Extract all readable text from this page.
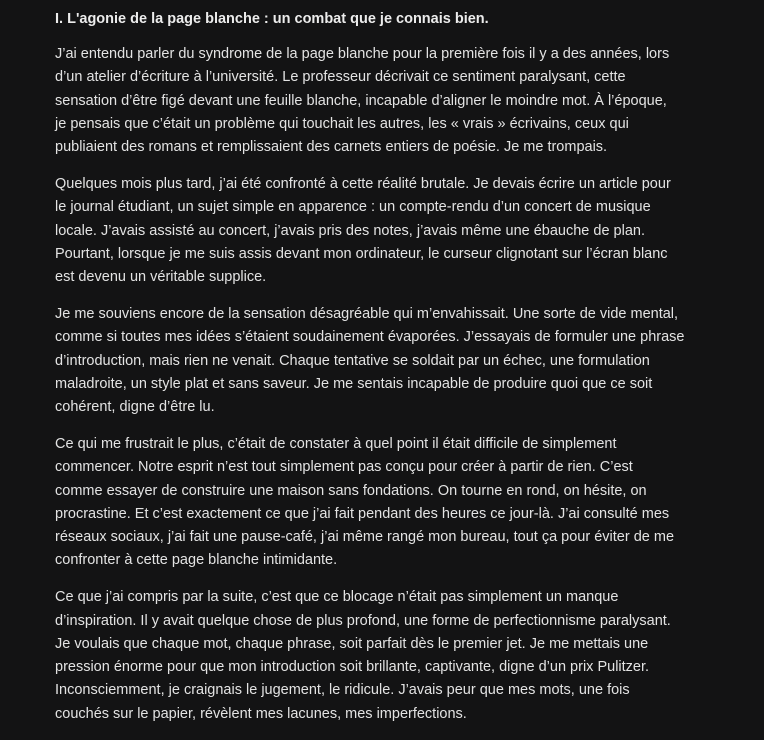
I. L'agonie de la page blanche : un combat que je connais bien.
J’ai entendu parler du syndrome de la page blanche pour la première fois il y a des années, lors
d’un atelier d’écriture à l’université. Le professeur décrivait ce sentiment paralysant, cette
sensation d’être figé devant une feuille blanche, incapable d’aligner le moindre mot. À l’époque,
je pensais que c’était un problème qui touchait les autres, les « vrais » écrivains, ceux qui
publiaient des romans et remplissaient des carnets entiers de poésie. Je me trompais.
Quelques mois plus tard, j’ai été confronté à cette réalité brutale. Je devais écrire un article pour
le journal étudiant, un sujet simple en apparence : un compte-rendu d’un concert de musique
locale. J’avais assisté au concert, j’avais pris des notes, j’avais même une ébauche de plan.
Pourtant, lorsque je me suis assis devant mon ordinateur, le curseur clignotant sur l’écran blanc
est devenu un véritable supplice.
Je me souviens encore de la sensation désagréable qui m’envahissait. Une sorte de vide mental,
comme si toutes mes idées s’étaient soudainement évaporées. J’essayais de formuler une phrase
d’introduction, mais rien ne venait. Chaque tentative se soldait par un échec, une formulation
maladroite, un style plat et sans saveur. Je me sentais incapable de produire quoi que ce soit
cohérent, digne d’être lu.
Ce qui me frustrait le plus, c’était de constater à quel point il était difficile de simplement
commencer. Notre esprit n’est tout simplement pas conçu pour créer à partir de rien. C’est
comme essayer de construire une maison sans fondations. On tourne en rond, on hésite, on
procrastine. Et c’est exactement ce que j’ai fait pendant des heures ce jour-là. J’ai consulté mes
réseaux sociaux, j’ai fait une pause-café, j’ai même rangé mon bureau, tout ça pour éviter de me
confronter à cette page blanche intimidante.
Ce que j’ai compris par la suite, c’est que ce blocage n’était pas simplement un manque
d’inspiration. Il y avait quelque chose de plus profond, une forme de perfectionnisme paralysant.
Je voulais que chaque mot, chaque phrase, soit parfait dès le premier jet. Je me mettais une
pression énorme pour que mon introduction soit brillante, captivante, digne d’un prix Pulitzer.
Inconsciemment, je craignais le jugement, le ridicule. J’avais peur que mes mots, une fois
couchés sur le papier, révèlent mes lacunes, mes imperfections.
